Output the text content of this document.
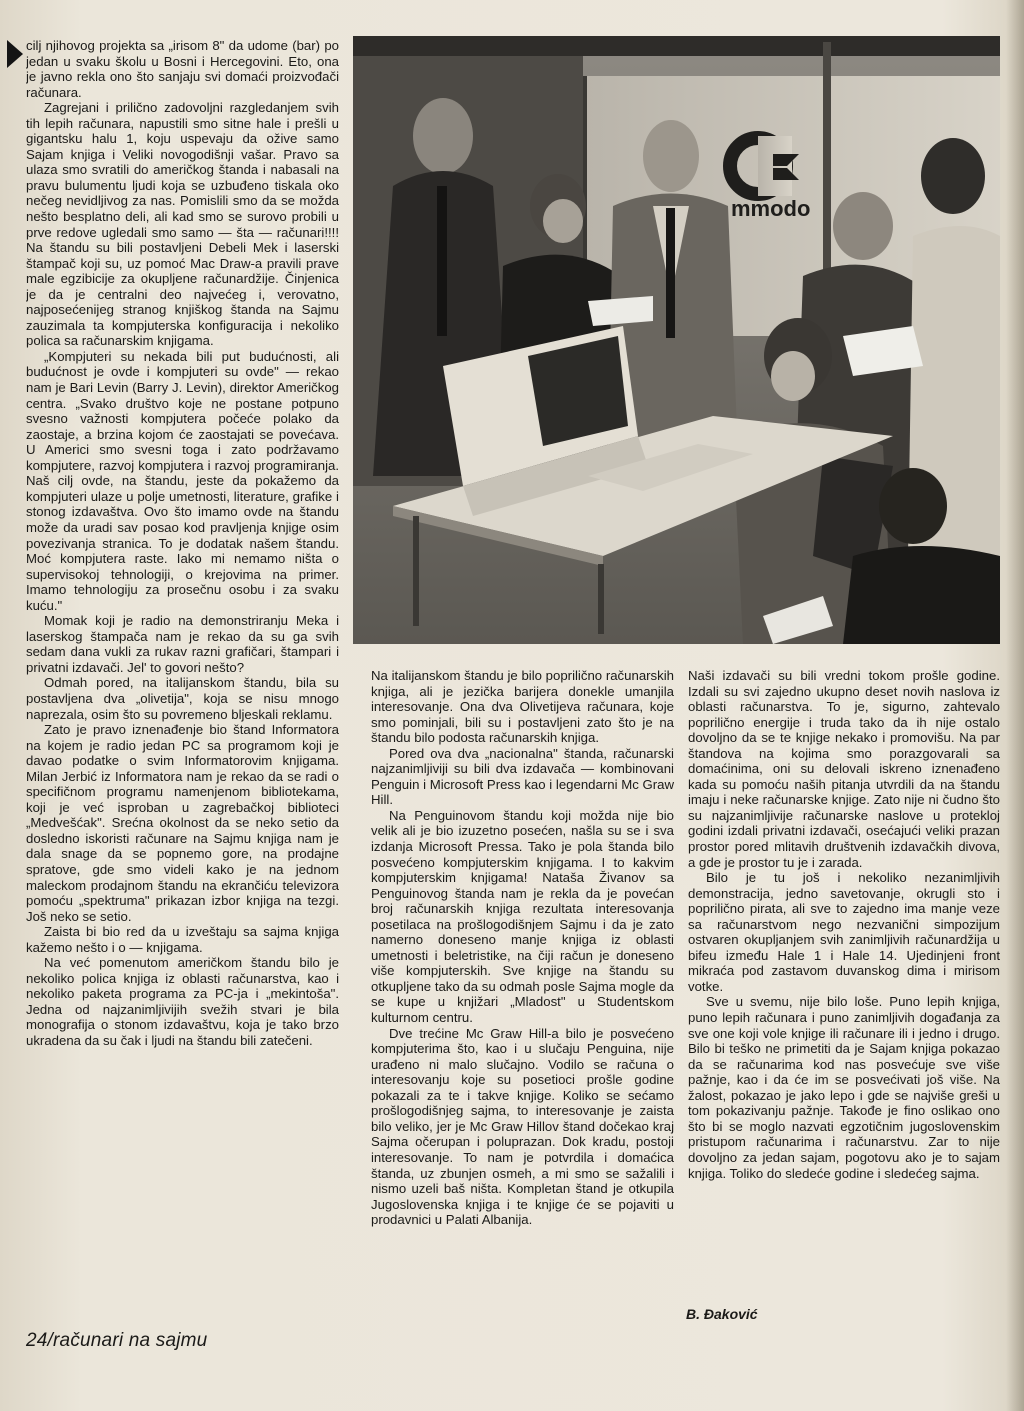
cilj njihovog projekta sa „irisom 8" da udome (bar) po jedan u svaku školu u Bosni i Hercegovini. Eto, ona je javno rekla ono što sanjaju svi domaći proizvođači računara.

Zagrejani i prilično zadovoljni razgledanjem svih tih lepih računara, napustili smo sitne hale i prešli u gigantsku halu 1, koju uspevaju da ožive samo Sajam knjiga i Veliki novogodišnji vašar. Pravo sa ulaza smo svratili do američkog štanda i nabasali na pravu bulumentu ljudi koja se uzbuđeno tiskala oko nečeg nevidljivog za nas. Pomislili smo da se možda nešto besplatno deli, ali kad smo se surovo probili u prve redove ugledali smo samo — šta — računari!!!! Na štandu su bili postavljeni Debeli Mek i laserski štampač koji su, uz pomoć Mac Draw-a pravili prave male egzibicije za okupljene računardžije. Činjenica je da je centralni deo najvećeg i, verovatno, najposećenijeg stranog knjiškog štanda na Sajmu zauzimala ta kompjuterska konfiguracija i nekoliko polica sa računarskim knjigama.

„Kompjuteri su nekada bili put budućnosti, ali budućnost je ovde i kompjuteri su ovde" — rekao nam je Bari Levin (Barry J. Levin), direktor Američkog centra. „Svako društvo koje ne postane potpuno svesno važnosti kompjutera počeće polako da zaostaje, a brzina kojom će zaostajati se povećava. U Americi smo svesni toga i zato podržavamo kompjutere, razvoj kompjutera i razvoj programiranja. Naš cilj ovde, na štandu, jeste da pokažemo da kompjuteri ulaze u polje umetnosti, literature, grafike i stonog izdavaštva. Ovo što imamo ovde na štandu može da uradi sav posao kod pravljenja knjige osim povezivanja stranica. To je dodatak našem štandu. Moć kompjutera raste. Iako mi nemamo ništa o supervisokoj tehnologiji, o krejovima na primer. Imamo tehnologiju za prosečnu osobu i za svaku kuću."

Momak koji je radio na demonstriranju Meka i laserskog štampača nam je rekao da su ga svih sedam dana vukli za rukav razni grafičari, štampari i privatni izdavači. Jel' to govori nešto?

Odmah pored, na italijanskom štandu, bila su postavljena dva „olivetija", koja se nisu mnogo naprezala, osim što su povremeno bljeskali reklamu.

Zato je pravo iznenađenje bio štand Informatora na kojem je radio jedan PC sa programom koji je davao podatke o svim Informatorovim knjigama. Milan Jerbić iz Informatora nam je rekao da se radi o specifičnom programu namenjenom bibliotekama, koji je već isproban u zagrebačkoj biblioteci „Medvešćak". Srećna okolnost da se neko setio da dosledno iskoristi računare na Sajmu knjiga nam je dala snage da se popnemo gore, na prodajne spratove, gde smo videli kako je na jednom maleckom prodajnom štandu na ekrančiću televizora pomoću „spektruma" prikazan izbor knjiga na tezgi. Još neko se setio.

Zaista bi bio red da u izveštaju sa sajma knjiga kažemo nešto i o — knjigama.

Na već pomenutom američkom štandu bilo je nekoliko polica knjiga iz oblasti računarstva, kao i nekoliko paketa programa za PC-ja i „mekintoša". Jedna od najzanimljivijih svežih stvari je bila monografija o stonom izdavaštvu, koja je tako brzo ukradena da su čak i ljudi na štandu bili zatečeni.

mmodo

Na italijanskom štandu je bilo poprilično računarskih knjiga, ali je jezička barijera donekle umanjila interesovanje. Ona dva Olivetijeva računara, koje smo pominjali, bili su i postavljeni zato što je na štandu bilo podosta računarskih knjiga.

Pored ova dva „nacionalna" štanda, računarski najzanimljiviji su bili dva izdavača — kombinovani Penguin i Microsoft Press kao i legendarni Mc Graw Hill.

Na Penguinovom štandu koji možda nije bio velik ali je bio izuzetno posećen, našla su se i sva izdanja Microsoft Pressa. Tako je pola štanda bilo posvećeno kompjuterskim knjigama. I to kakvim kompjuterskim knjigama! Nataša Živanov sa Penguinovog štanda nam je rekla da je povećan broj računarskih knjiga rezultata interesovanja posetilaca na prošlogodišnjem Sajmu i da je zato namerno doneseno manje knjiga iz oblasti umetnosti i beletristike, na čiji račun je doneseno više kompjuterskih. Sve knjige na štandu su otkupljene tako da su odmah posle Sajma mogle da se kupe u knjižari „Mladost" u Studentskom kulturnom centru.

Dve trećine Mc Graw Hill-a bilo je posvećeno kompjuterima što, kao i u slučaju Penguina, nije urađeno ni malo slučajno. Vodilo se računa o interesovanju koje su posetioci prošle godine pokazali za te i takve knjige. Koliko se sećamo prošlogodišnjeg sajma, to interesovanje je zaista bilo veliko, jer je Mc Graw Hillov štand dočekao kraj Sajma očerupan i poluprazan. Dok kradu, postoji interesovanje. To nam je potvrdila i domaćica štanda, uz zbunjen osmeh, a mi smo se sažalili i nismo uzeli baš ništa. Kompletan štand je otkupila Jugoslovenska knjiga i te knjige će se pojaviti u prodavnici u Palati Albanija.

Naši izdavači su bili vredni tokom prošle godine. Izdali su svi zajedno ukupno deset novih naslova iz oblasti računarstva. To je, sigurno, zahtevalo poprilično energije i truda tako da ih nije ostalo dovoljno da se te knjige nekako i promovišu. Na par štandova na kojima smo porazgovarali sa domaćinima, oni su delovali iskreno iznenađeno kada su pomoću naših pitanja utvrdili da na štandu imaju i neke računarske knjige. Zato nije ni čudno što su najzanimljivije računarske naslove u protekloj godini izdali privatni izdavači, osećajući veliki prazan prostor pored mlitavih društvenih izdavačkih divova, a gde je prostor tu je i zarada.

Bilo je tu još i nekoliko nezanimljivih demonstracija, jedno savetovanje, okrugli sto i poprilično pirata, ali sve to zajedno ima manje veze sa računarstvom nego nezvanični simpozijum ostvaren okupljanjem svih zanimljivih računardžija u bifeu između Hale 1 i Hale 14. Ujedinjeni front mikraća pod zastavom duvanskog dima i mirisom votke.

Sve u svemu, nije bilo loše. Puno lepih knjiga, puno lepih računara i puno zanimljivih događanja za sve one koji vole knjige ili računare ili i jedno i drugo. Bilo bi teško ne primetiti da je Sajam knjiga pokazao da se računarima kod nas posvećuje sve više pažnje, kao i da će im se posvećivati još više. Na žalost, pokazao je jako lepo i gde se najviše greši u tom pokazivanju pažnje. Takođe je fino oslikao ono što bi se moglo nazvati egzotičnim jugoslovenskim pristupom računarima i računarstvu. Zar to nije dovoljno za jedan sajam, pogotovu ako je to sajam knjiga. Toliko do sledeće godine i sledećeg sajma.

B. Đaković
24/računari na sajmu
